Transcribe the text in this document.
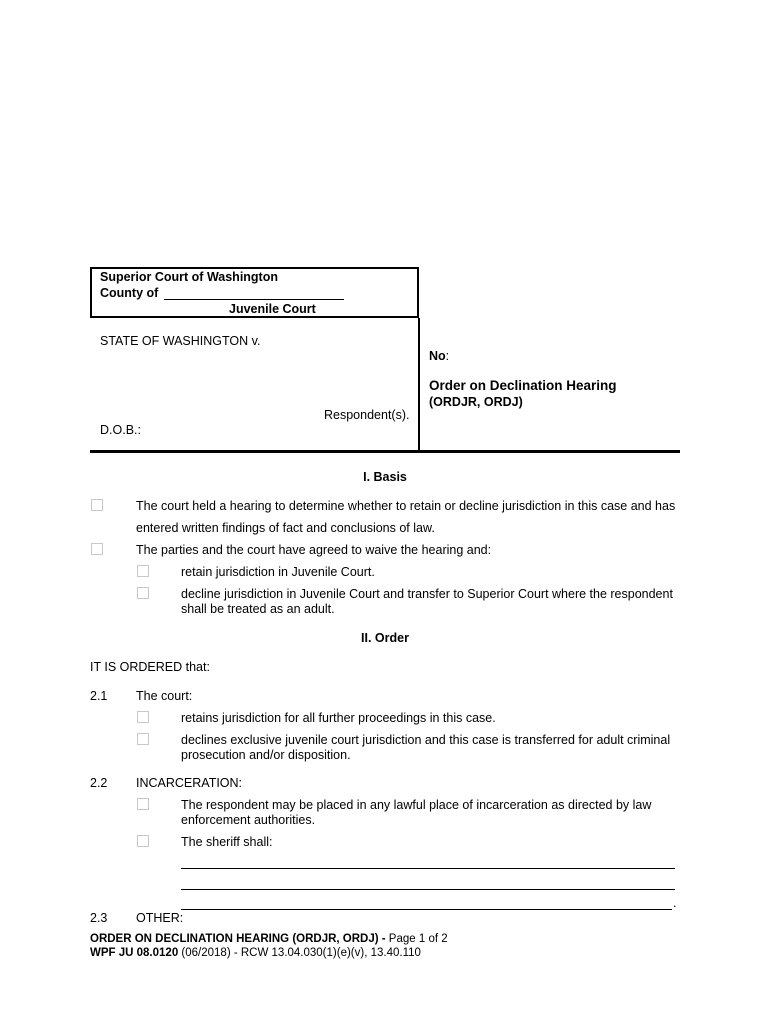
Superior Court of Washington
County of
Juvenile Court
STATE OF WASHINGTON v.
Respondent(s).
D.O.B.:
No:
Order on Declination Hearing
(ORDJR, ORDJ)
I. Basis
The court held a hearing to determine whether to retain or decline jurisdiction in this case and has
entered written findings of fact and conclusions of law.
The parties and the court have agreed to waive the hearing and:
retain jurisdiction in Juvenile Court.
decline jurisdiction in Juvenile Court and transfer to Superior Court where the respondent
shall be treated as an adult.
II. Order
IT IS ORDERED that:
2.1 The court:
retains jurisdiction for all further proceedings in this case.
declines exclusive juvenile court jurisdiction and this case is transferred for adult criminal
prosecution and/or disposition.
2.2 INCARCERATION:
The respondent may be placed in any lawful place of incarceration as directed by law
enforcement authorities.
The sheriff shall:
.
2.3 OTHER:
ORDER ON DECLINATION HEARING (ORDJR, ORDJ) - Page 1 of 2
WPF JU 08.0120 (06/2018) - RCW 13.04.030(1)(e)(v), 13.40.110
